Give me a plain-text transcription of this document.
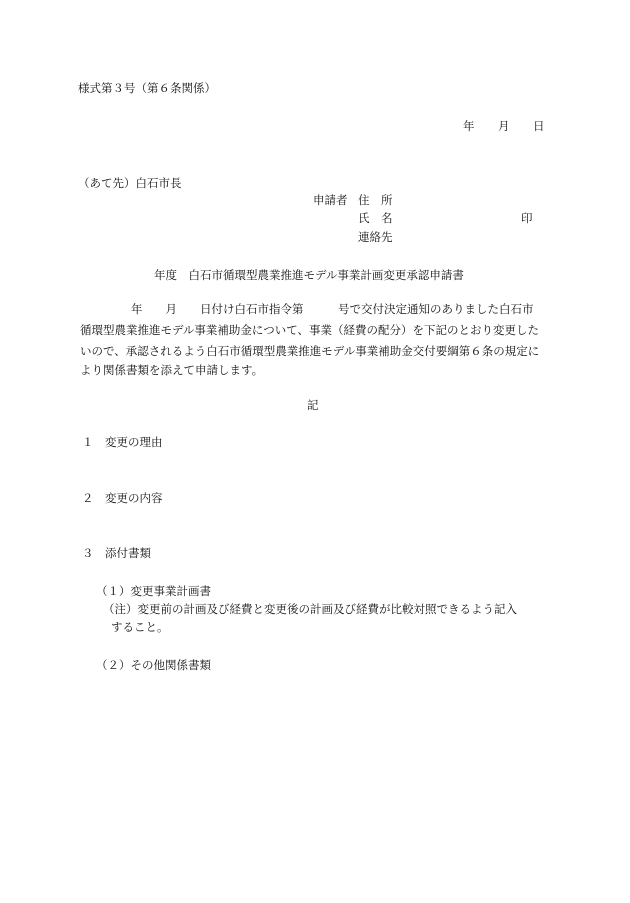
様式第３号（第６条関係）
年 月 日
（あて先）白石市長
申請者 住　所
氏　名	印
連絡先
年度　白石市循環型農業推進モデル事業計画変更承認申請書
年　　月　　日付け白石市指令第　　　号で交付決定通知のありました白石市
循環型農業推進モデル事業補助金について、事業（経費の配分）を下記のとおり変更した
いので、承認されるよう白石市循環型農業推進モデル事業補助金交付要綱第６条の規定に
より関係書類を添えて申請します。
記
１　変更の理由
２　変更の内容
３　添付書類
（１）変更事業計画書
（注）変更前の計画及び経費と変更後の計画及び経費が比較対照できるよう記入
すること。
（２）その他関係書類
